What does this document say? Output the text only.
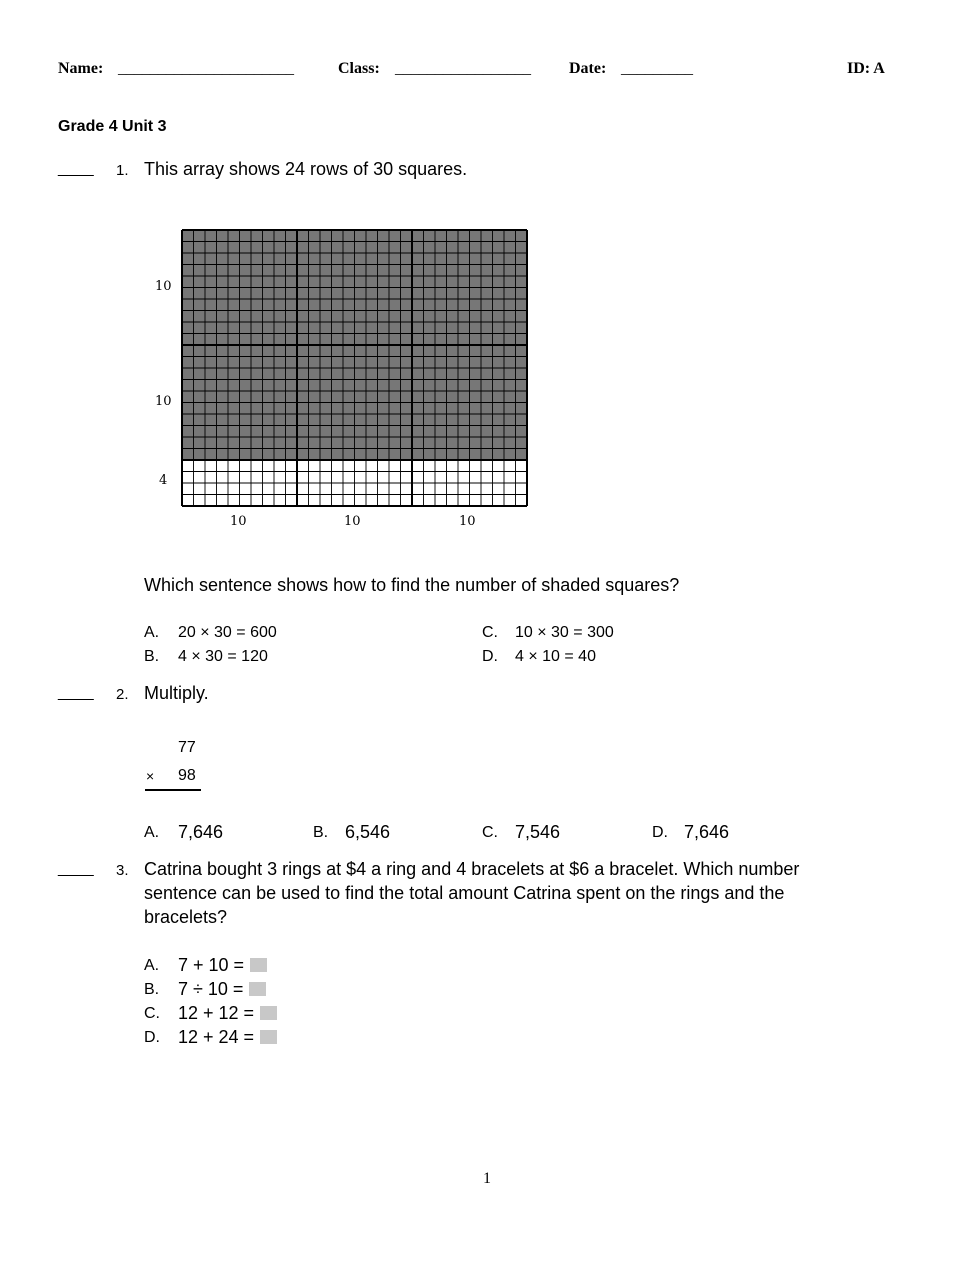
Name: ______________________	Class: _________________ Date: _________	ID: A
Grade 4 Unit 3
____ 1. This array shows 24 rows of 30 squares.
10
10
4
10	10	10
Which sentence shows how to find the number of shaded squares?
A. 20 × 30 = 600
B. 4 × 30 = 120
C. 10 × 30 = 300
D. 4 × 10 = 40
____ 2. Multiply.
77
× 98
A. 7,646	B. 6,546	C. 7,546	D. 7,646
____ 3. Catrina bought 3 rings at $4 a ring and 4 bracelets at $6 a bracelet. Which number
sentence can be used to find the total amount Catrina spent on the rings and the
bracelets?
A. 7 + 10 =
B. 7 ÷ 10 =
C. 12 + 12 =
D. 12 + 24 =
1
